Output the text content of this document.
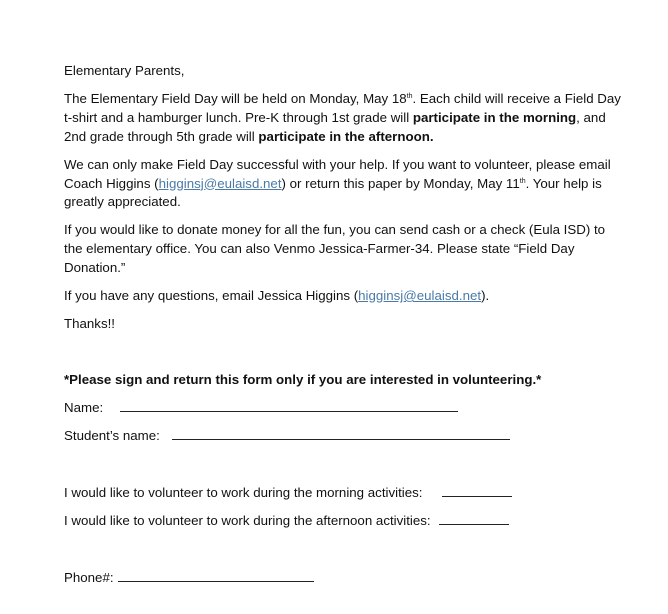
Elementary Parents,

The Elementary Field Day will be held on Monday, May 18th. Each child will receive a Field Day t-shirt and a hamburger lunch. Pre-K through 1st grade will participate in the morning, and 2nd grade through 5th grade will participate in the afternoon.

We can only make Field Day successful with your help. If you want to volunteer, please email Coach Higgins (higginsj@eulaisd.net) or return this paper by Monday, May 11th. Your help is greatly appreciated.

If you would like to donate money for all the fun, you can send cash or a check (Eula ISD) to the elementary office. You can also Venmo Jessica-Farmer-34. Please state “Field Day Donation.”

If you have any questions, email Jessica Higgins (higginsj@eulaisd.net).

Thanks!!

*Please sign and return this form only if you are interested in volunteering.*

Name:

Student’s name:

I would like to volunteer to work during the morning activities:

I would like to volunteer to work during the afternoon activities:

Phone#:
